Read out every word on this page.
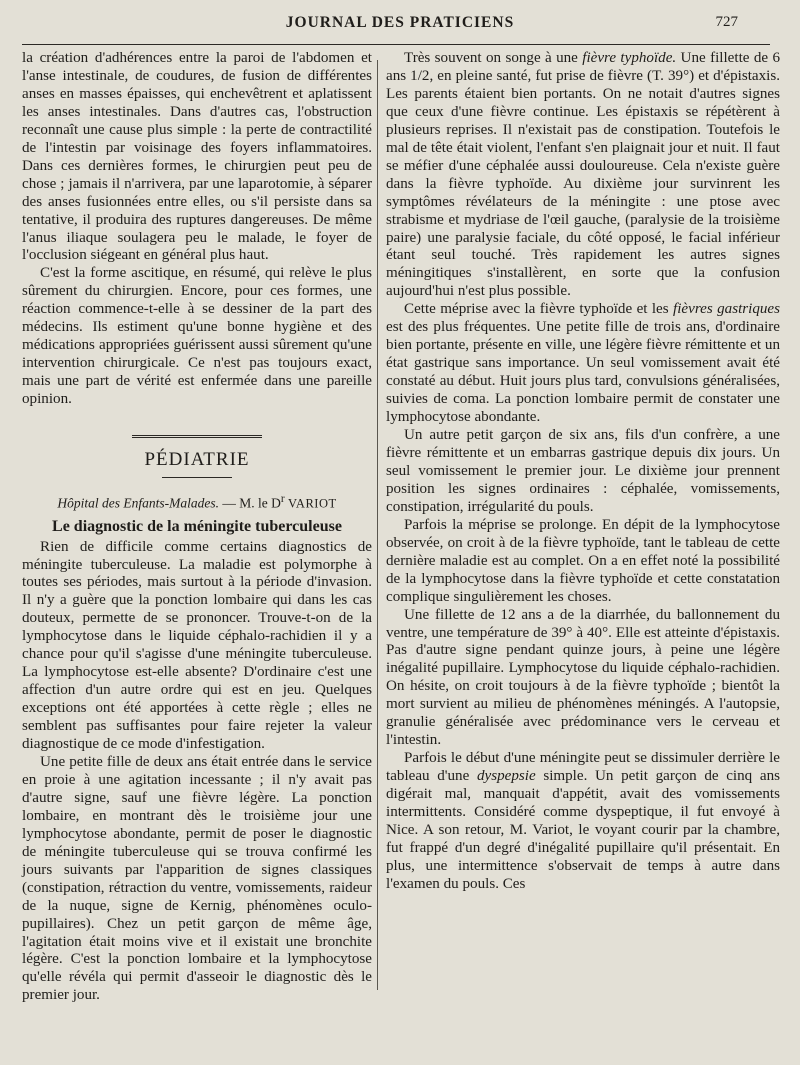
JOURNAL DES PRATICIENS	727

la création d'adhérences entre la paroi de l'abdomen et l'anse intestinale, de coudures, de fusion de différentes anses en masses épaisses, qui enchevêtrent et aplatissent les anses intestinales. Dans d'autres cas, l'obstruction reconnaît une cause plus simple : la perte de contractilité de l'intestin par voisinage des foyers inflammatoires. Dans ces dernières formes, le chirurgien peut peu de chose ; jamais il n'arrivera, par une laparotomie, à séparer des anses fusionnées entre elles, ou s'il persiste dans sa tentative, il produira des ruptures dangereuses. De même l'anus iliaque soulagera peu le malade, le foyer de l'occlusion siégeant en général plus haut.

C'est la forme ascitique, en résumé, qui relève le plus sûrement du chirurgien. Encore, pour ces formes, une réaction commence-t-elle à se dessiner de la part des médecins. Ils estiment qu'une bonne hygiène et des médications appropriées guérissent aussi sûrement qu'une intervention chirurgicale. Ce n'est pas toujours exact, mais une part de vérité est enfermée dans une pareille opinion.

PÉDIATRIE
Hôpital des Enfants-Malades. — M. le $D^r$ VARIOT
Le diagnostic de la méningite tuberculeuse

Rien de difficile comme certains diagnostics de méningite tuberculeuse. La maladie est polymorphe à toutes ses périodes, mais surtout à la période d'invasion. Il n'y a guère que la ponction lombaire qui dans les cas douteux, permette de se prononcer. Trouve-t-on de la lymphocytose dans le liquide céphalo-rachidien il y a chance pour qu'il s'agisse d'une méningite tuberculeuse. La lymphocytose est-elle absente? D'ordinaire c'est une affection d'un autre ordre qui est en jeu. Quelques exceptions ont été apportées à cette règle ; elles ne semblent pas suffisantes pour faire rejeter la valeur diagnostique de ce mode d'infestigation.

Une petite fille de deux ans était entrée dans le service en proie à une agitation incessante ; il n'y avait pas d'autre signe, sauf une fièvre légère. La ponction lombaire, en montrant dès le troisième jour une lymphocytose abondante, permit de poser le diagnostic de méningite tuberculeuse qui se trouva confirmé les jours suivants par l'apparition de signes classiques (constipation, rétraction du ventre, vomissements, raideur de la nuque, signe de Kernig, phénomènes oculo-pupillaires). Chez un petit garçon de même âge, l'agitation était moins vive et il existait une bronchite légère. C'est la ponction lombaire et la lymphocytose qu'elle révéla qui permit d'asseoir le diagnostic dès le premier jour.

Très souvent on songe à une fièvre typhoïde. Une fillette de 6 ans 1/2, en pleine santé, fut prise de fièvre (T. 39°) et d'épistaxis. Les parents étaient bien portants. On ne notait d'autres signes que ceux d'une fièvre continue. Les épistaxis se répétèrent à plusieurs reprises. Il n'existait pas de constipation. Toutefois le mal de tête était violent, l'enfant s'en plaignait jour et nuit. Il faut se méfier d'une céphalée aussi douloureuse. Cela n'existe guère dans la fièvre typhoïde. Au dixième jour survinrent les symptômes révélateurs de la méningite : une ptose avec strabisme et mydriase de l'œil gauche, (paralysie de la troisième paire) une paralysie faciale, du côté opposé, le facial inférieur étant seul touché. Très rapidement les autres signes méningitiques s'installèrent, en sorte que la confusion aujourd'hui n'est plus possible.

Cette méprise avec la fièvre typhoïde et les fièvres gastriques est des plus fréquentes. Une petite fille de trois ans, d'ordinaire bien portante, présente en ville, une légère fièvre rémittente et un état gastrique sans importance. Un seul vomissement avait été constaté au début. Huit jours plus tard, convulsions généralisées, suivies de coma. La ponction lombaire permit de constater une lymphocytose abondante.

Un autre petit garçon de six ans, fils d'un confrère, a une fièvre rémittente et un embarras gastrique depuis dix jours. Un seul vomissement le premier jour. Le dixième jour prennent position les signes ordinaires : céphalée, vomissements, constipation, irrégularité du pouls.

Parfois la méprise se prolonge. En dépit de la lymphocytose observée, on croit à de la fièvre typhoïde, tant le tableau de cette dernière maladie est au complet. On a en effet noté la possibilité de la lymphocytose dans la fièvre typhoïde et cette constatation complique singulièrement les choses.

Une fillette de 12 ans a de la diarrhée, du ballonnement du ventre, une température de 39° à 40°. Elle est atteinte d'épistaxis. Pas d'autre signe pendant quinze jours, à peine une légère inégalité pupillaire. Lymphocytose du liquide céphalo-rachidien. On hésite, on croit toujours à de la fièvre typhoïde ; bientôt la mort survient au milieu de phénomènes méningés. A l'autopsie, granulie généralisée avec prédominance vers le cerveau et l'intestin.

Parfois le début d'une méningite peut se dissimuler derrière le tableau d'une dyspepsie simple. Un petit garçon de cinq ans digérait mal, manquait d'appétit, avait des vomissements intermittents. Considéré comme dyspeptique, il fut envoyé à Nice. A son retour, M. Variot, le voyant courir par la chambre, fut frappé d'un degré d'inégalité pupillaire qu'il présentait. En plus, une intermittence s'observait de temps à autre dans l'examen du pouls. Ces
